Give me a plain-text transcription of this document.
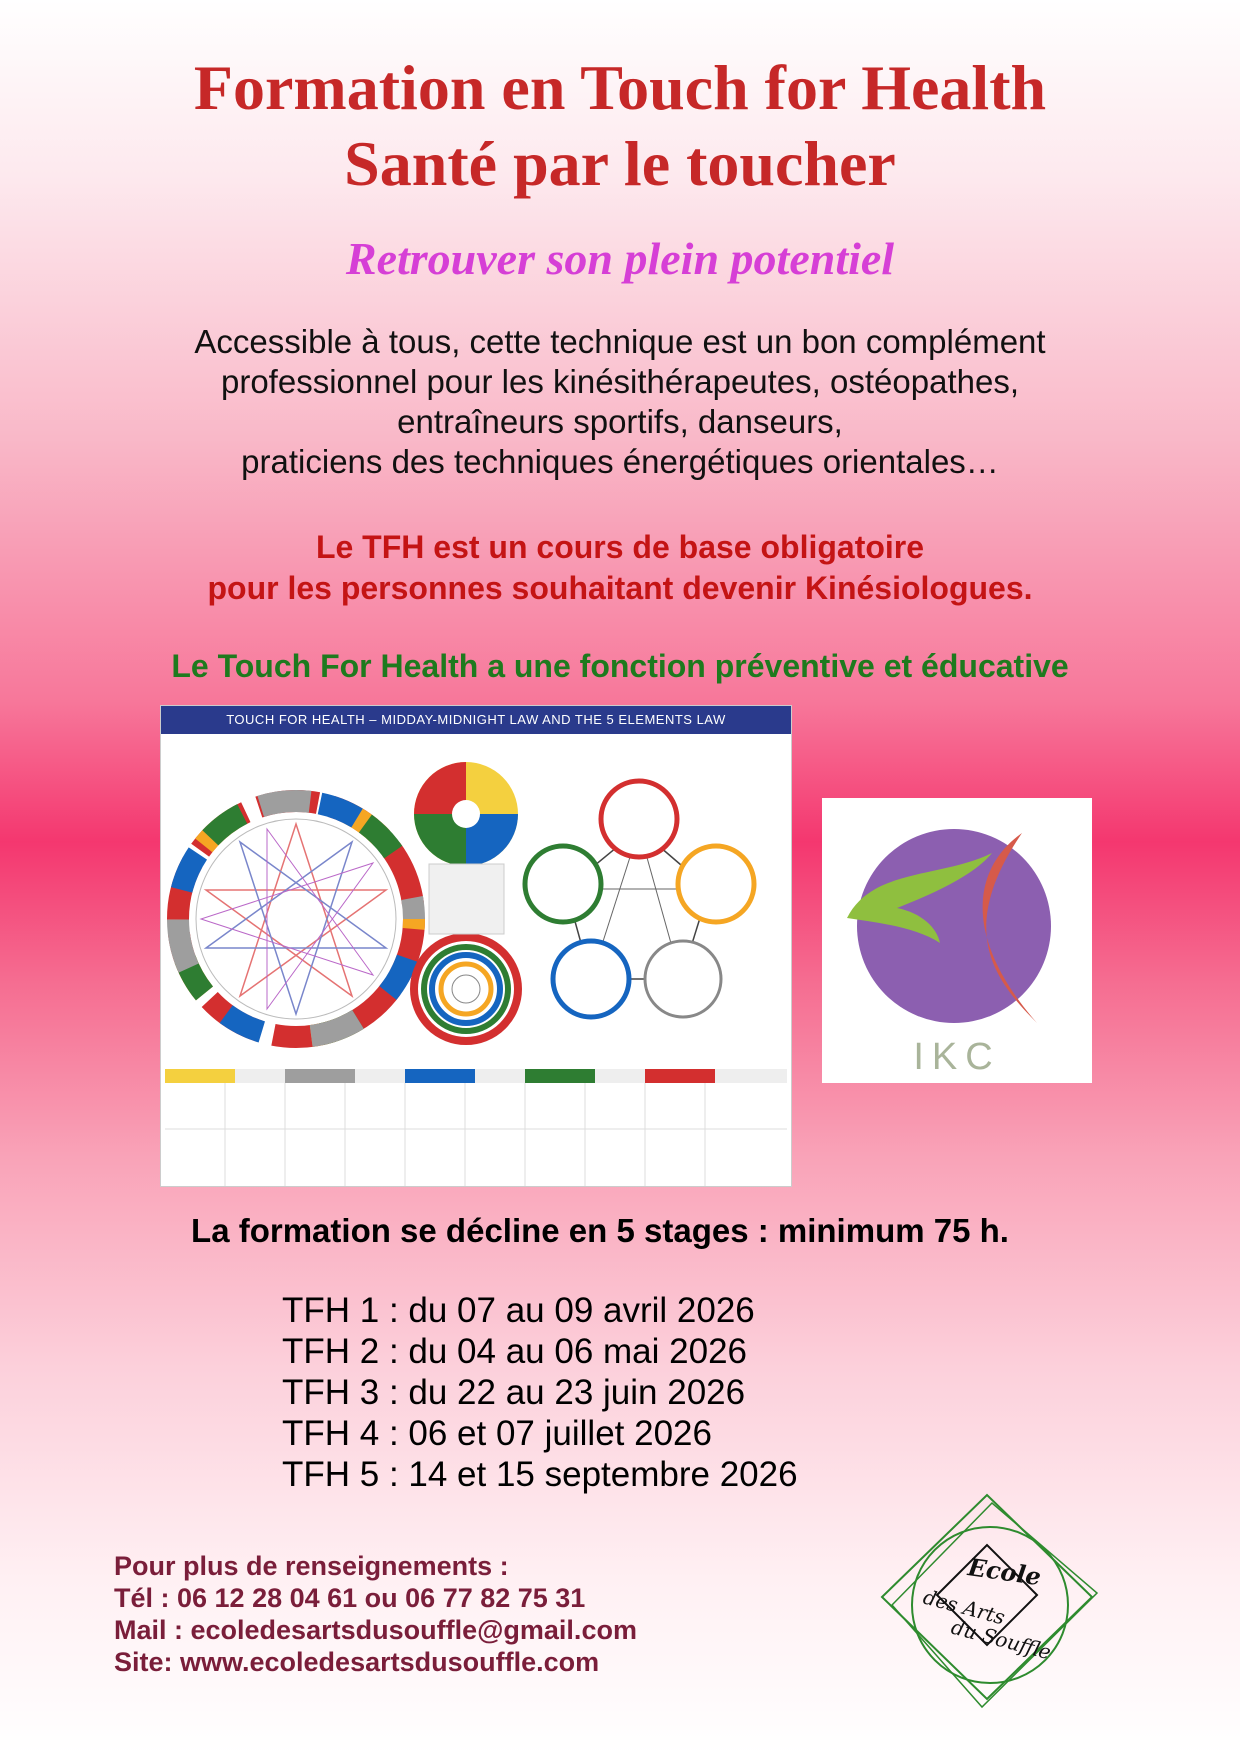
Formation en Touch for Health
Santé par le toucher
Retrouver son plein potentiel
Accessible à tous, cette technique est un bon complément
professionnel pour les kinésithérapeutes, ostéopathes,
entraîneurs sportifs, danseurs,
praticiens des techniques énergétiques orientales…
Le TFH est un cours de base obligatoire
pour les personnes souhaitant devenir Kinésiologues.
Le Touch For Health a une fonction préventive et éducative
TOUCH FOR HEALTH – MIDDAY-MIDNIGHT LAW AND THE 5 ELEMENTS LAW
IKC
La formation se décline en 5 stages : minimum 75 h.
TFH 1 : du 07 au 09 avril 2026
TFH 2 : du 04 au 06 mai 2026
TFH 3 : du 22 au 23 juin 2026
TFH 4 : 06 et 07 juillet 2026
TFH 5 : 14 et 15 septembre 2026
Pour plus de renseignements :
Tél : 06 12 28 04 61 ou 06 77 82 75 31
Mail : ecoledesartsdusouffle@gmail.com
Site: www.ecoledesartsdusouffle.com
Ecole
des Arts
du Souffle
